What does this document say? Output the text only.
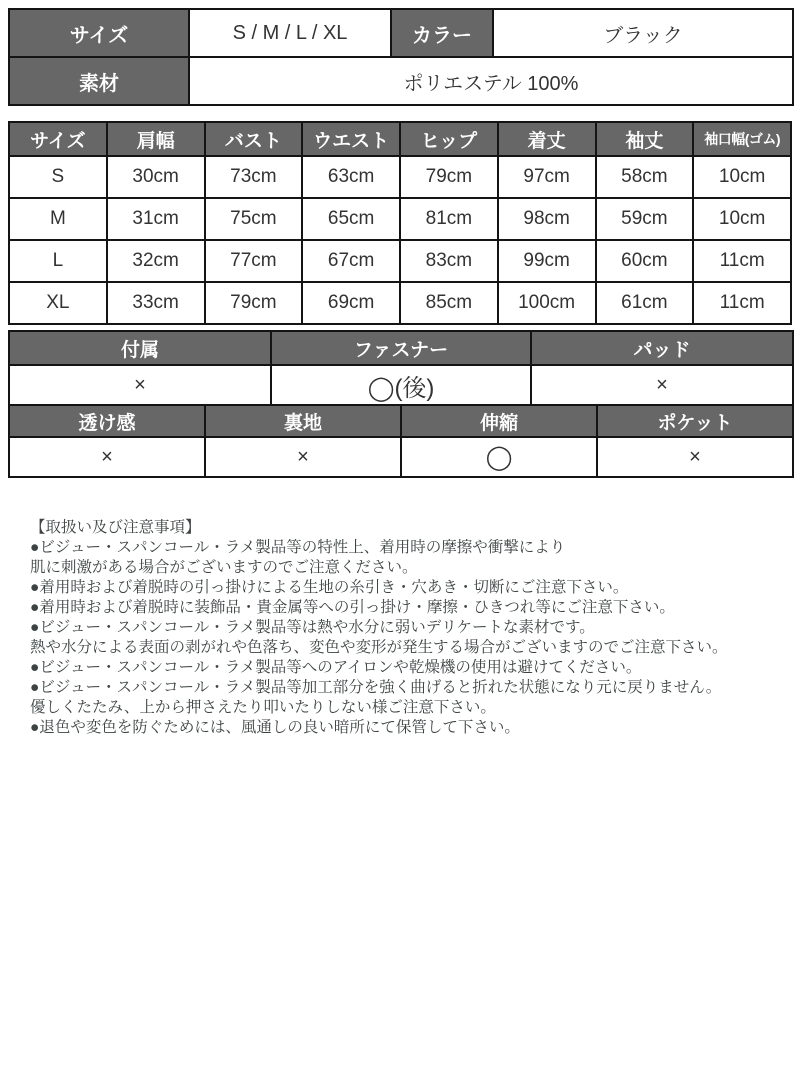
サイズ	S / M / L / XL	カラー	ブラック
素材	ポリエステル 100%		
サイズ	肩幅	バスト	ウエスト	ヒップ	着丈	袖丈	袖口幅(ゴム)
S	30cm	73cm	63cm	79cm	97cm	58cm	10cm
M	31cm	75cm	65cm	81cm	98cm	59cm	10cm
L	32cm	77cm	67cm	83cm	99cm	60cm	11cm
XL	33cm	79cm	69cm	85cm	100cm	61cm	11cm
付属	ファスナー	パッド
×	◯(後)	×
透け感	裏地	伸縮	ポケット
×	×	◯	×
【取扱い及び注意事項】
●ビジュー・スパンコール・ラメ製品等の特性上、着用時の摩擦や衝撃により
肌に刺激がある場合がございますのでご注意ください。
●着用時および着脱時の引っ掛けによる生地の糸引き・穴あき・切断にご注意下さい。
●着用時および着脱時に装飾品・貴金属等への引っ掛け・摩擦・ひきつれ等にご注意下さい。
●ビジュー・スパンコール・ラメ製品等は熱や水分に弱いデリケートな素材です。
熱や水分による表面の剥がれや色落ち、変色や変形が発生する場合がございますのでご注意下さい。
●ビジュー・スパンコール・ラメ製品等へのアイロンや乾燥機の使用は避けてください。
●ビジュー・スパンコール・ラメ製品等加工部分を強く曲げると折れた状態になり元に戻りません。
優しくたたみ、上から押さえたり叩いたりしない様ご注意下さい。
●退色や変色を防ぐためには、風通しの良い暗所にて保管して下さい。
